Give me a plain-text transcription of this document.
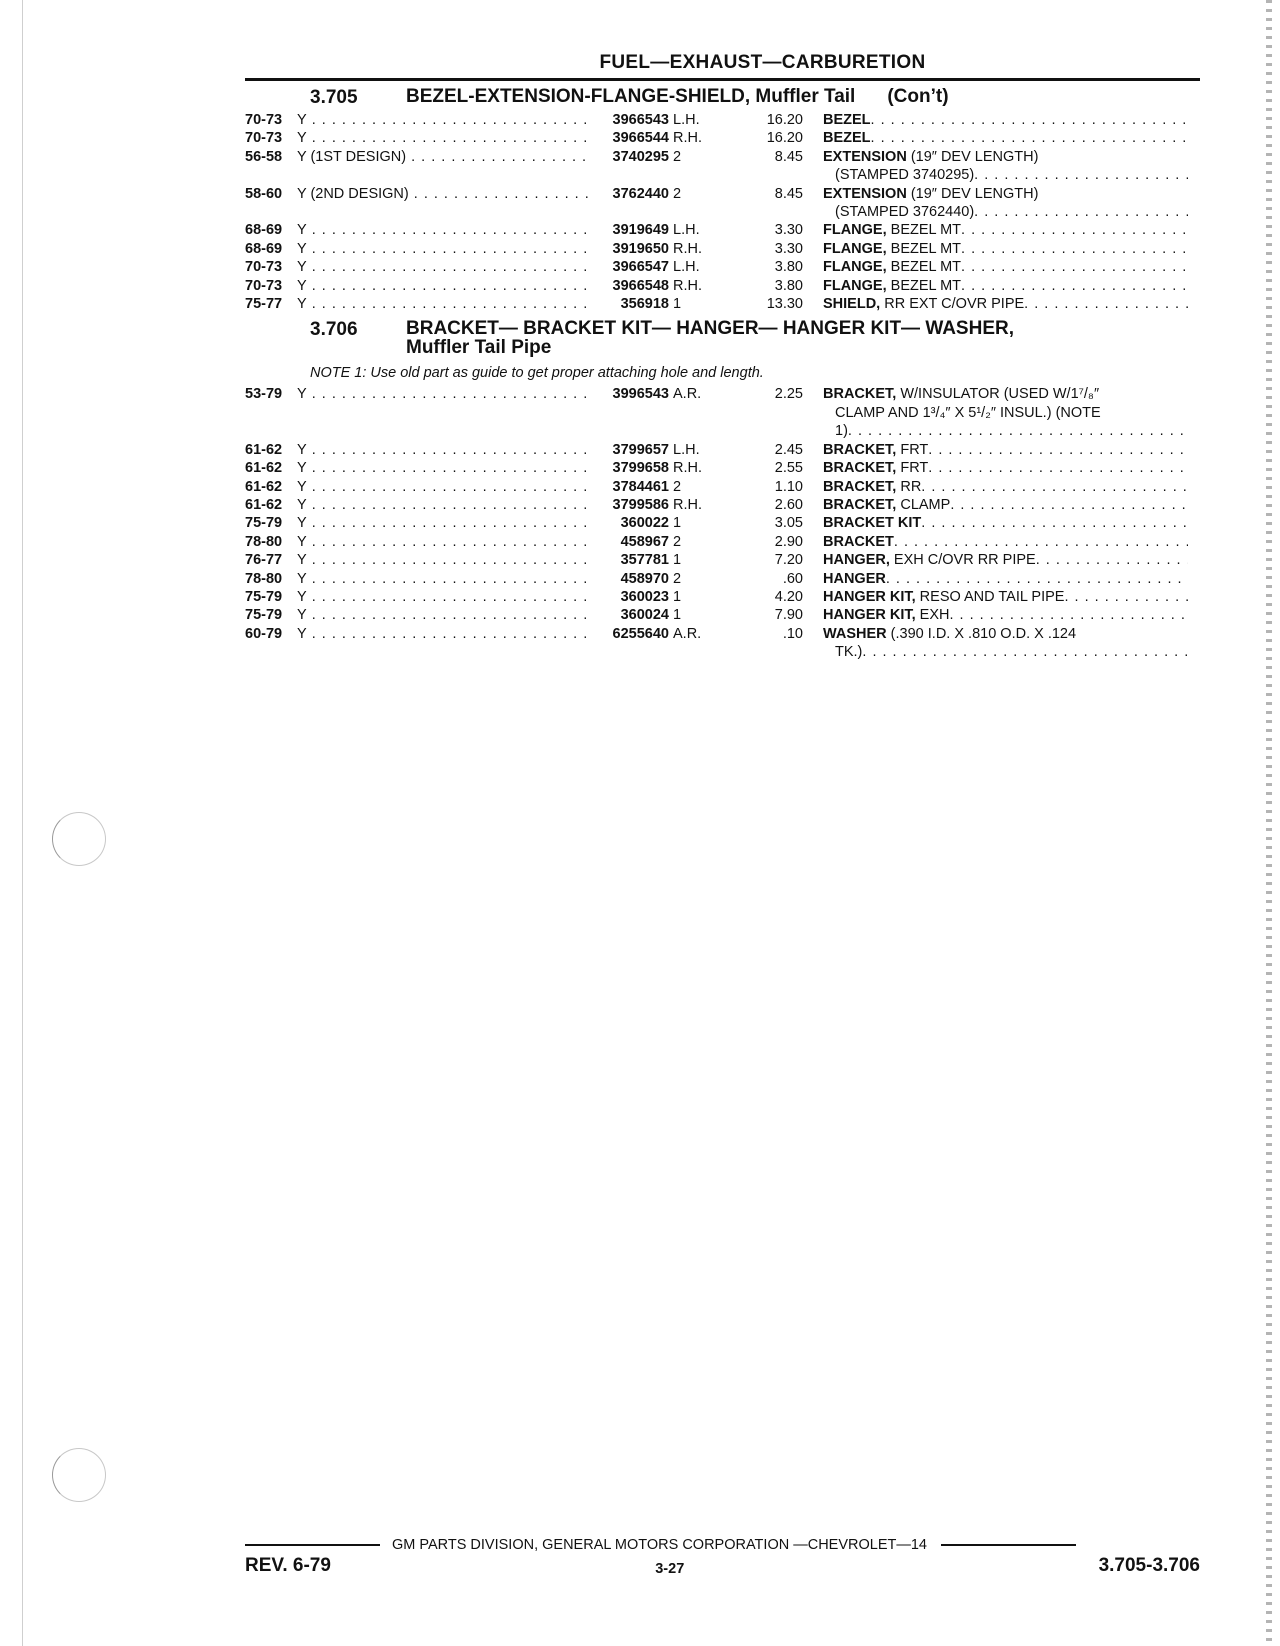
FUEL—EXHAUST—CARBURETION
3.705	BEZEL-EXTENSION-FLANGE-SHIELD, Muffler Tail (Con’t)
70-73	Y . . .	3966543 L.H.	16.20 BEZEL
. . .
70-73	Y . . .	3966544 R.H.	16.20 BEZEL
. . .
56-58	Y (1ST DESIGN) . . .	3740295 2	8.45 EXTENSION (19″ DEV LENGTH)
(STAMPED 3740295)
. . .
58-60	Y (2ND DESIGN) . . .	3762440 2	8.45 EXTENSION (19″ DEV LENGTH)
(STAMPED 3762440)
. . .
68-69	Y . . .	3919649 L.H.	3.30 FLANGE, BEZEL MT
. . .
68-69	Y . . .	3919650 R.H.	3.30 FLANGE, BEZEL MT
. . .
70-73	Y . . .	3966547 L.H.	3.80 FLANGE, BEZEL MT
. . .
70-73	Y . . .	3966548 R.H.	3.80 FLANGE, BEZEL MT
. . .
75-77	Y . . .	356918 1	13.30 SHIELD, RR EXT C/OVR PIPE
. . .
3.706	BRACKET— BRACKET KIT— HANGER— HANGER KIT— WASHER,
Muffler Tail Pipe
NOTE 1: Use old part as guide to get proper attaching hole and length.
53-79	Y . . .	3996543 A.R.	2.25 BRACKET, W/INSULATOR (USED W/1⁷/₈″
CLAMP AND 1³/₄″ X 5¹/₂″ INSUL.) (NOTE
1)
. . .
61-62	Y . . .	3799657 L.H.	2.45 BRACKET, FRT
. . .
61-62	Y . . .	3799658 R.H.	2.55 BRACKET, FRT
. . .
61-62	Y . . .	3784461 2	1.10 BRACKET, RR
. . .
61-62	Y . . .	3799586 R.H.	2.60 BRACKET, CLAMP
. . .
75-79	Y . . .	360022 1	3.05 BRACKET KIT
. . .
78-80	Y . . .	458967 2	2.90 BRACKET
. . .
76-77	Y . . .	357781 1	7.20 HANGER, EXH C/OVR RR PIPE
. . .
78-80	Y . . .	458970 2	.60 HANGER
. . .
75-79	Y . . .	360023 1	4.20 HANGER KIT, RESO AND TAIL PIPE
. . .
75-79	Y . . .	360024 1	7.90 HANGER KIT, EXH
. . .
60-79	Y . . .	6255640 A.R.	.10 WASHER (.390 I.D. X .810 O.D. X .124
TK.)
. . .
GM PARTS DIVISION, GENERAL MOTORS CORPORATION —CHEVROLET—14
REV. 6-79	3-27	3.705-3.706
